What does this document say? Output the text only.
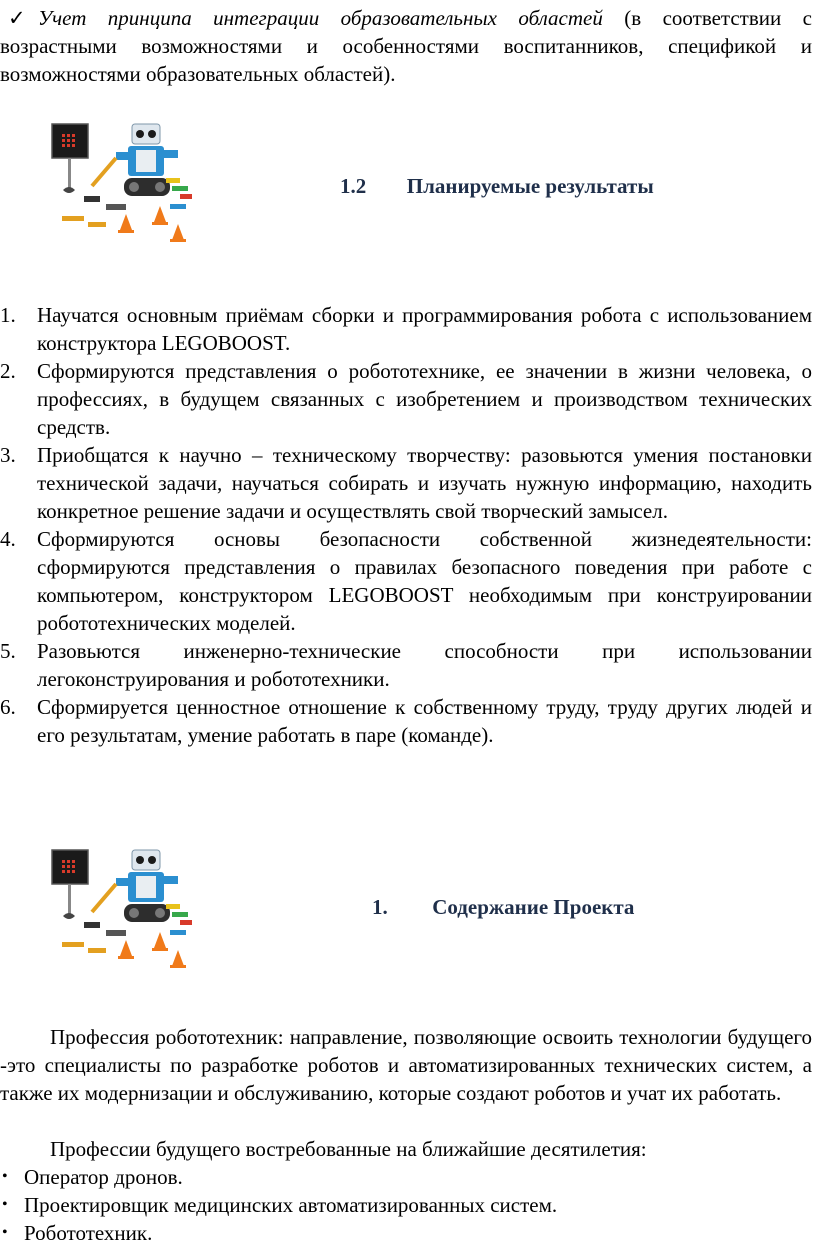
✓ Учет принципа интеграции образовательных областей (в соответствии с возрастными возможностями и особенностями воспитанников, спецификой и возможностями образовательных областей).
1.2 Планируемые результаты
1. Научатся основным приёмам сборки и программирования робота с использованием конструктора LEGOBOOST.
2. Сформируются представления о робототехнике, ее значении в жизни человека, о профессиях, в будущем связанных с изобретением и производством технических средств.
3. Приобщатся к научно – техническому творчеству: разовьются умения постановки технической задачи, научаться собирать и изучать нужную информацию, находить конкретное решение задачи и осуществлять свой творческий замысел.
4. Сформируются основы безопасности собственной жизнедеятельности: сформируются представления о правилах безопасного поведения при работе с компьютером, конструктором LEGOBOOST необходимым при конструировании робототехнических моделей.
5. Разовьются инженерно-технические способности при использовании легоконструирования и робототехники.
6. Сформируется ценностное отношение к собственному труду, труду других людей и его результатам, умение работать в паре (команде).
1. Содержание Проекта
Профессия робототехник: направление, позволяющие освоить технологии будущего -это специалисты по разработке роботов и автоматизированных технических систем, а также их модернизации и обслуживанию, которые создают роботов и учат их работать.
Профессии будущего востребованные на ближайшие десятилетия:
• Оператор дронов.
• Проектировщик медицинских автоматизированных систем.
• Робототехник.
